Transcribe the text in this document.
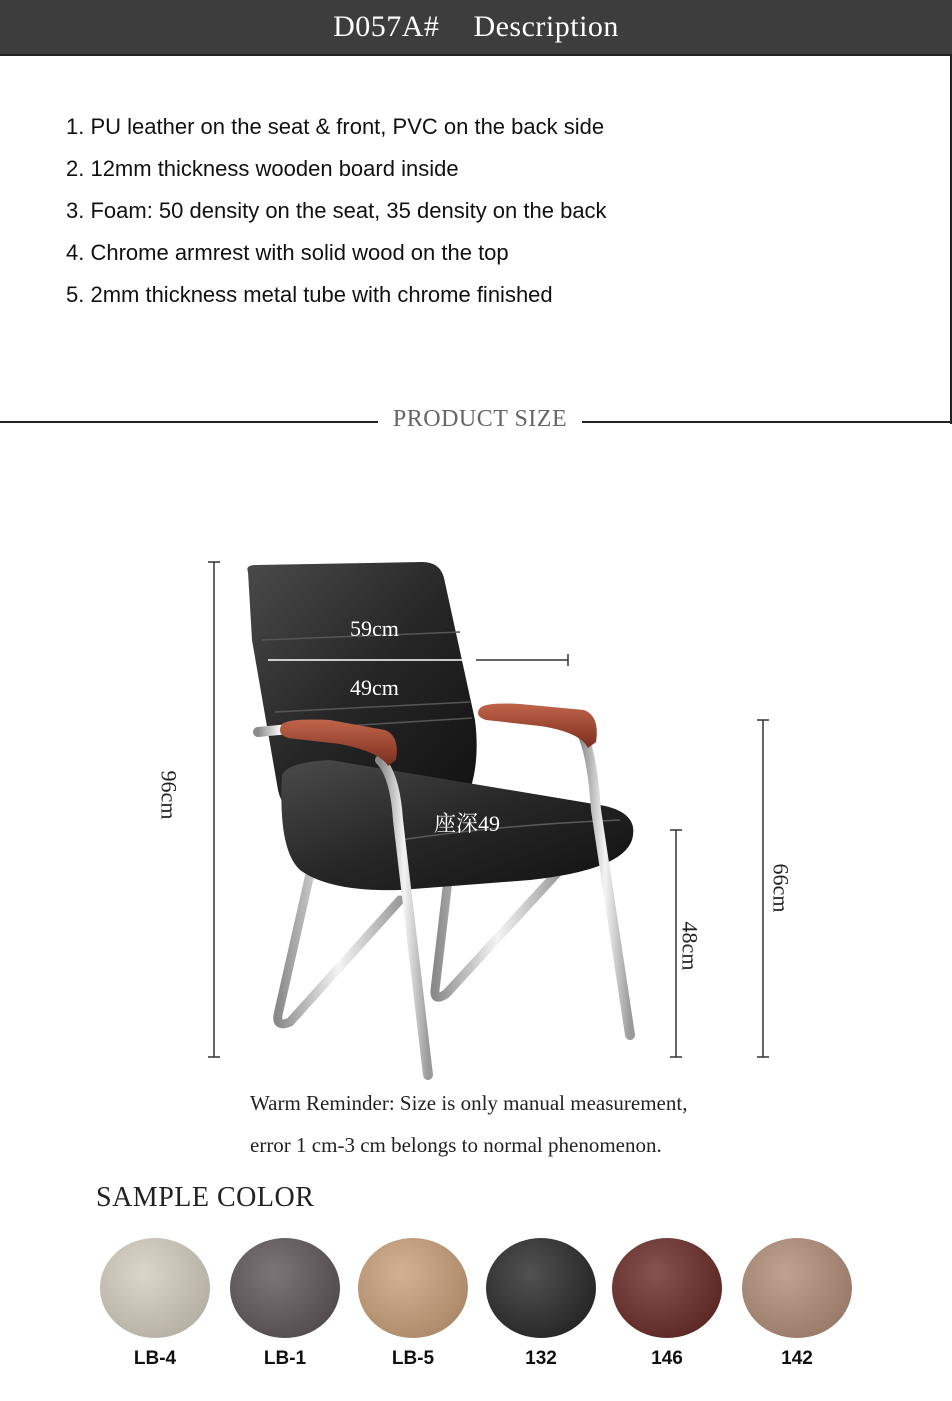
D057A# Description
1. PU leather on the seat & front, PVC on the back side
2. 12mm thickness wooden board inside
3. Foam: 50 density on the seat, 35 density on the back
4. Chrome armrest with solid wood on the top
5. 2mm thickness metal tube with chrome finished
PRODUCT SIZE
59cm
49cm
座深49
96cm
66cm
48cm
Warm Reminder: Size is only manual measurement,
error 1 cm-3 cm belongs to normal phenomenon.
SAMPLE COLOR
LB-4	LB-1	LB-5	132	146	142
